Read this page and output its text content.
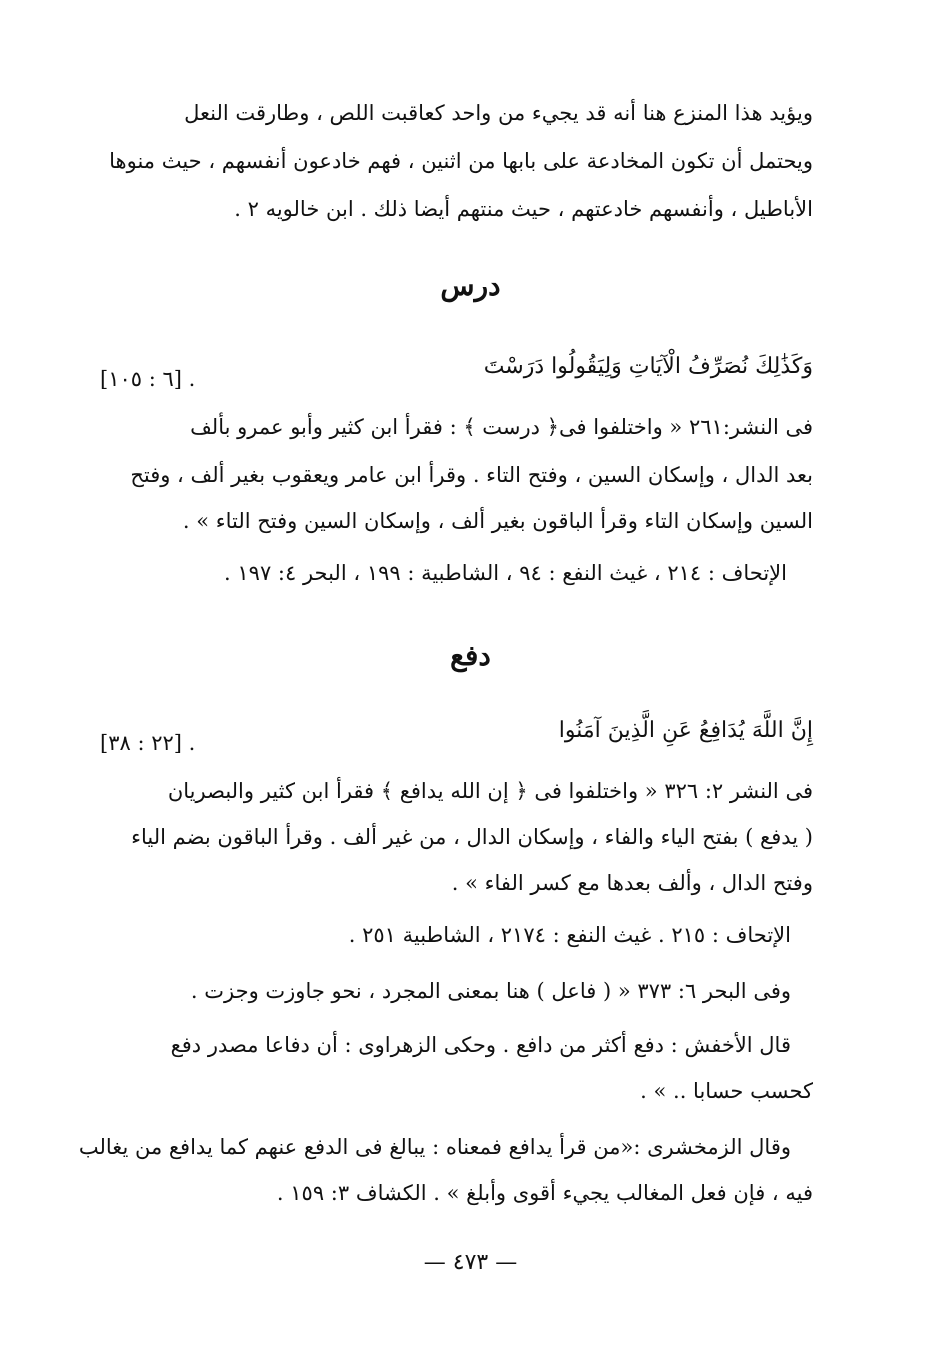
ويؤيد هذا المنزع هنا أنه قد يجيء من واحد كعاقبت اللص ، وطارقت النعل
ويحتمل أن تكون المخادعة على بابها من اثنين ، فهم خادعون أنفسهم ، حيث منوها
الأباطيل ، وأنفسهم خادعتهم ، حيث منتهم أيضا ذلك . ابن خالويه ٢ .
درس
وَكَذَٰلِكَ نُصَرِّفُ الْآيَاتِ وَلِيَقُولُوا دَرَسْتَ
[٦ : ١٠٥] .
فى النشر:٢٦١ « واختلفوا فى﴿ درست ﴾ : فقرأ ابن كثير وأبو عمرو بألف
بعد الدال ، وإسكان السين ، وفتح التاء . وقرأ ابن عامر ويعقوب بغير ألف ، وفتح
السين وإسكان التاء وقرأ الباقون بغير ألف ، وإسكان السين وفتح التاء » .
الإتحاف : ٢١٤ ، غيث النفع : ٩٤ ، الشاطبية : ١٩٩ ، البحر ٤: ١٩٧ .
دفع
إِنَّ اللَّهَ يُدَافِعُ عَنِ الَّذِينَ آمَنُوا
[٢٢ : ٣٨] .
فى النشر ٢: ٣٢٦ « واختلفوا فى ﴿ إن الله يدافع ﴾ فقرأ ابن كثير والبصريان
( يدفع ) بفتح الياء والفاء ، وإسكان الدال ، من غير ألف . وقرأ الباقون بضم الياء
وفتح الدال ، وألف بعدها مع كسر الفاء » .
الإتحاف : ٢١٥ . غيث النفع : ٢١٧٤ ، الشاطبية ٢٥١ .
وفى البحر ٦: ٣٧٣ « ( فاعل ) هنا بمعنى المجرد ، نحو جاوزت وجزت .
قال الأخفش : دفع أكثر من دافع . وحكى الزهراوى : أن دفاعا مصدر دفع
كحسب حسابا .. » .
وقال الزمخشرى :«من قرأ يدافع فمعناه : يبالغ فى الدفع عنهم كما يدافع من يغالب
فيه ، فإن فعل المغالب يجيء أقوى وأبلغ » . الكشاف ٣: ١٥٩ .
— ٤٧٣ —
